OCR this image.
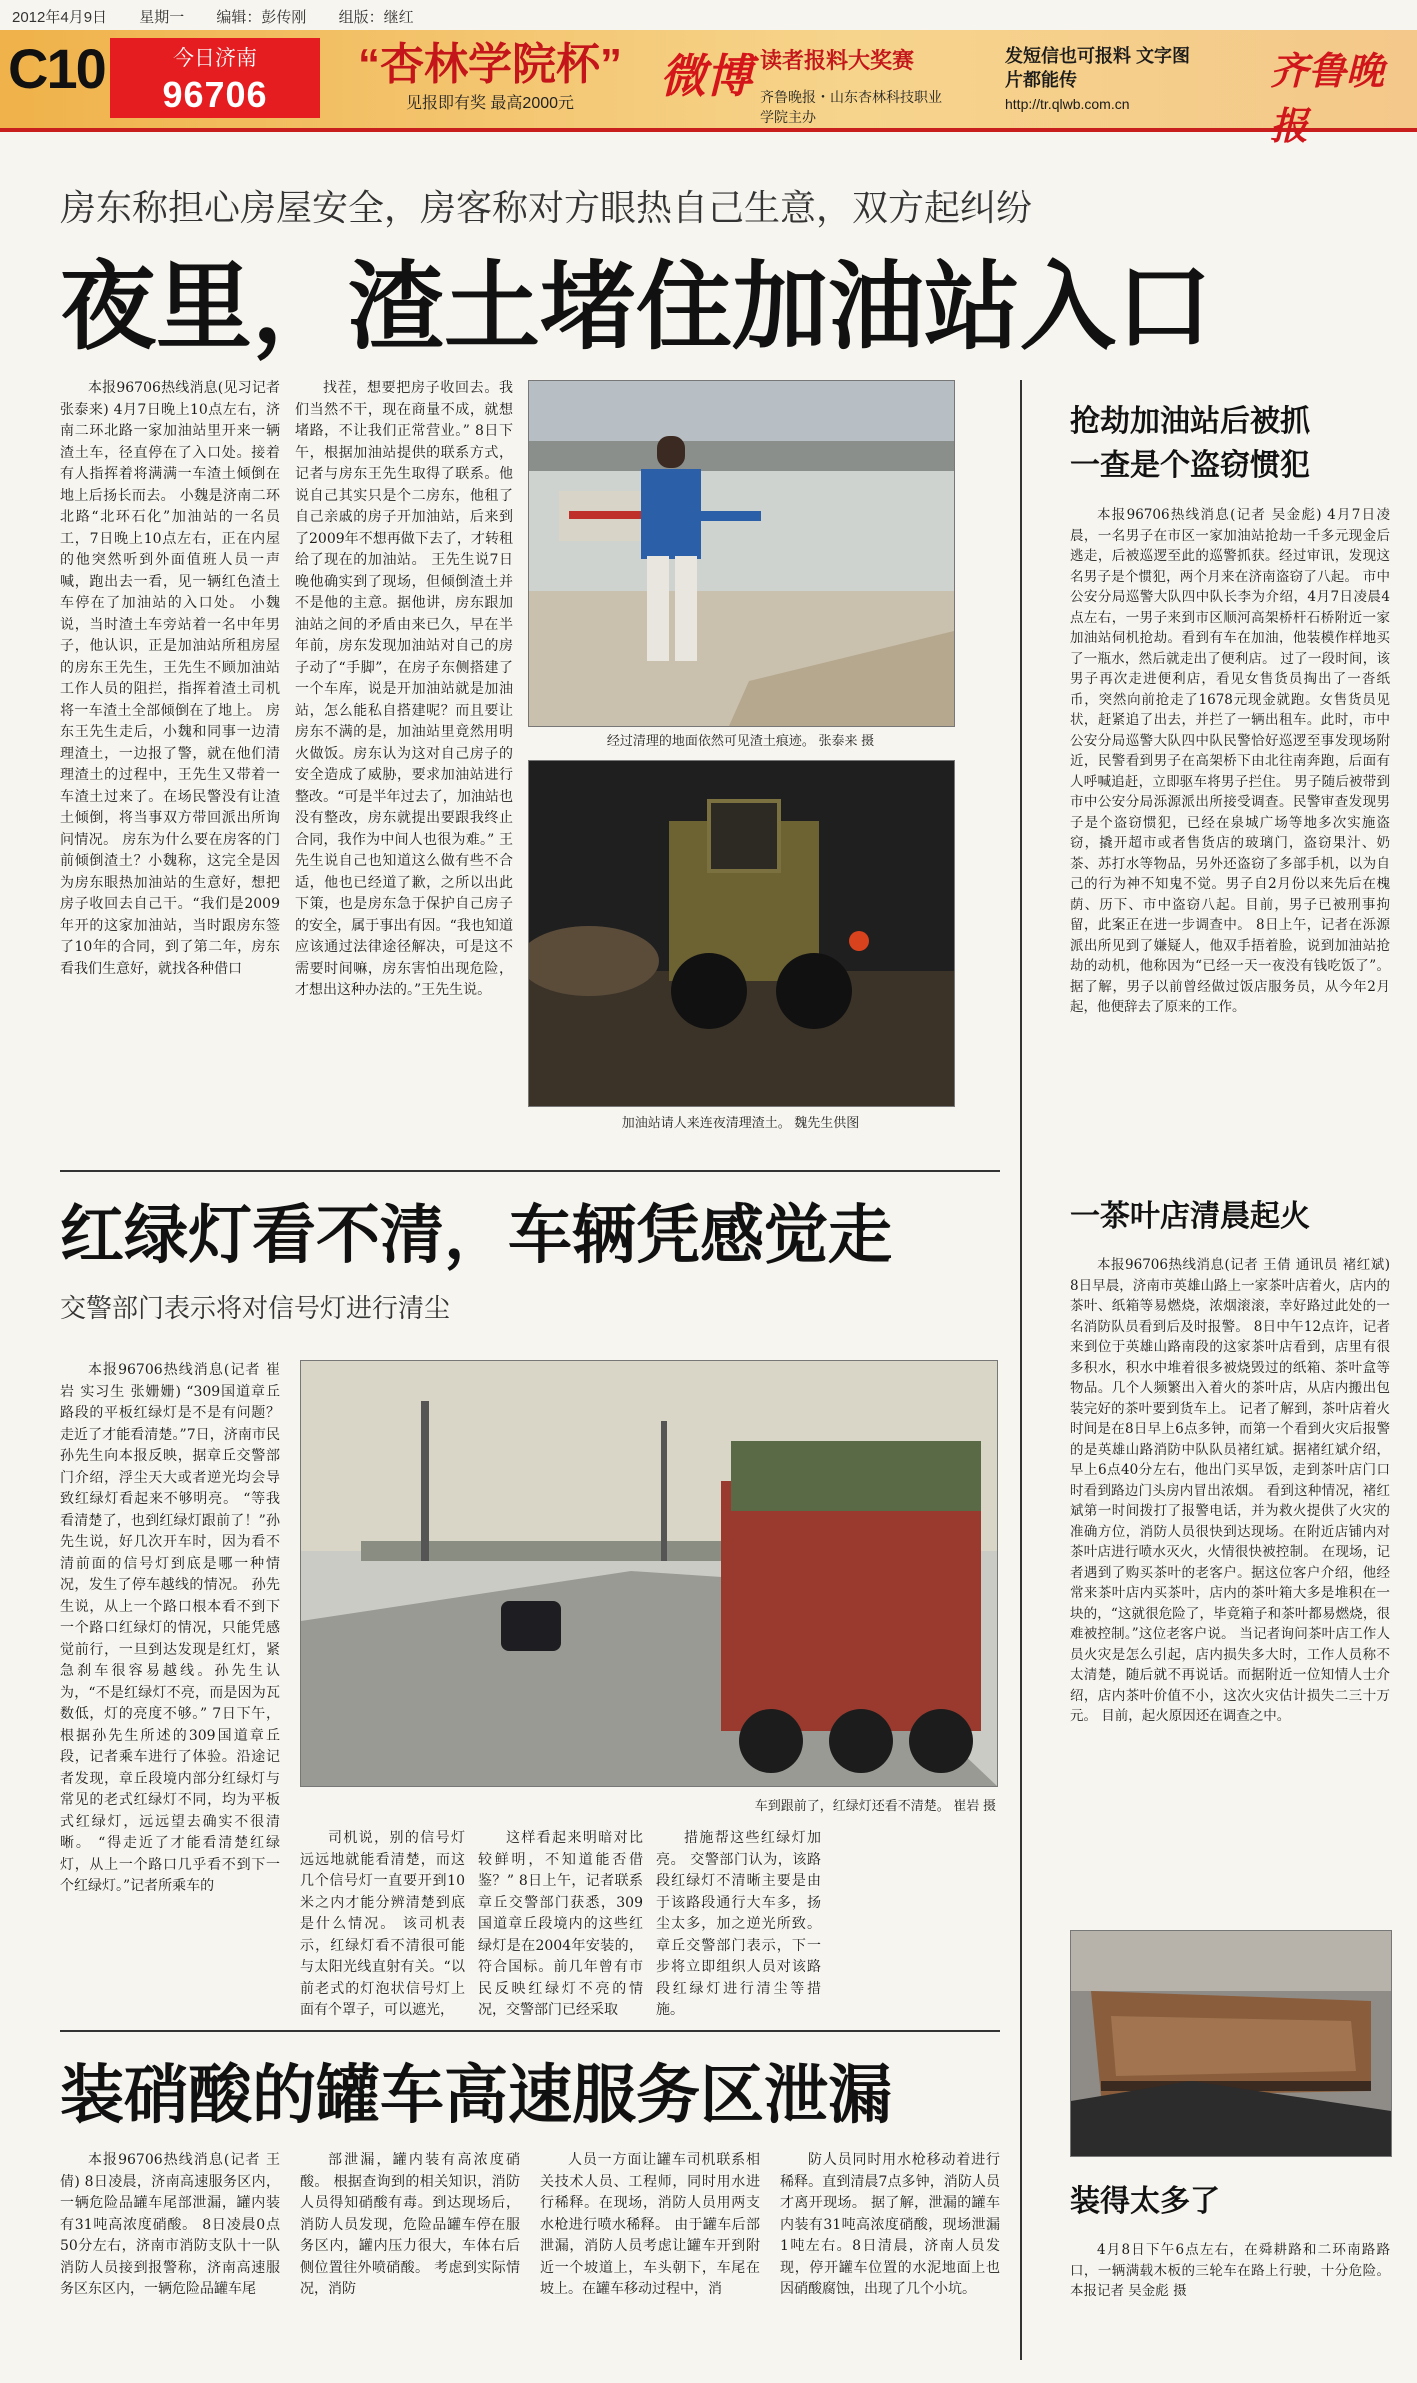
2012年4月9日 星期一 编辑：彭传刚 组版：继红
C10	今日济南
96706
“杏林学院杯”
见报即有奖 最高2000元
微博 读者报料大奖赛
齐鲁晚报・山东杏林科技职业学院主办
发短信也可报料 文字图片都能传
http://tr.qlwb.com.cn
齐鲁晚报
房东称担心房屋安全，房客称对方眼热自己生意，双方起纠纷
夜里，渣土堵住加油站入口
本报96706热线消息(见习记者 张泰来) 4月7日晚上10点左右，济南二环北路一家加油站里开来一辆渣土车，径直停在了入口处。接着有人指挥着将满满一车渣土倾倒在地上后扬长而去。 小魏是济南二环北路“北环石化”加油站的一名员工，7日晚上10点左右，正在内屋的他突然听到外面值班人员一声喊，跑出去一看，见一辆红色渣土车停在了加油站的入口处。 小魏说，当时渣土车旁站着一名中年男子，他认识，正是加油站所租房屋的房东王先生，王先生不顾加油站工作人员的阻拦，指挥着渣土司机将一车渣土全部倾倒在了地上。 房东王先生走后，小魏和同事一边清理渣土，一边报了警，就在他们清理渣土的过程中，王先生又带着一车渣土过来了。在场民警没有让渣土倾倒，将当事双方带回派出所询问情况。 房东为什么要在房客的门前倾倒渣土？小魏称，这完全是因为房东眼热加油站的生意好，想把房子收回去自己干。“我们是2009年开的这家加油站，当时跟房东签了10年的合同，到了第二年，房东看我们生意好，就找各种借口
找茬，想要把房子收回去。我们当然不干，现在商量不成，就想堵路，不让我们正常营业。” 8日下午，根据加油站提供的联系方式，记者与房东王先生取得了联系。他说自己其实只是个二房东，他租了自己亲戚的房子开加油站，后来到了2009年不想再做下去了，才转租给了现在的加油站。 王先生说7日晚他确实到了现场，但倾倒渣土并不是他的主意。据他讲，房东跟加油站之间的矛盾由来已久，早在半年前，房东发现加油站对自己的房子动了“手脚”，在房子东侧搭建了一个车库，说是开加油站就是加油站，怎么能私自搭建呢？而且要让房东不满的是，加油站里竟然用明火做饭。房东认为这对自己房子的安全造成了威胁，要求加油站进行整改。“可是半年过去了，加油站也没有整改，房东就提出要跟我终止合同，我作为中间人也很为难。” 王先生说自己也知道这么做有些不合适，他也已经道了歉，之所以出此下策，也是房东急于保护自己房子的安全，属于事出有因。“我也知道应该通过法律途径解决，可是这不需要时间嘛，房东害怕出现危险，才想出这种办法的。”王先生说。
经过清理的地面依然可见渣土痕迹。 张泰来 摄
加油站请人来连夜清理渣土。 魏先生供图
红绿灯看不清，车辆凭感觉走
交警部门表示将对信号灯进行清尘
本报96706热线消息(记者 崔岩 实习生 张姗姗) “309国道章丘路段的平板红绿灯是不是有问题？走近了才能看清楚。”7日，济南市民孙先生向本报反映，据章丘交警部门介绍，浮尘天大或者逆光均会导致红绿灯看起来不够明亮。 “等我看清楚了，也到红绿灯跟前了！”孙先生说，好几次开车时，因为看不清前面的信号灯到底是哪一种情况，发生了停车越线的情况。 孙先生说，从上一个路口根本看不到下一个路口红绿灯的情况，只能凭感觉前行，一旦到达发现是红灯，紧急刹车很容易越线。孙先生认为，“不是红绿灯不亮，而是因为瓦数低，灯的亮度不够。” 7日下午，根据孙先生所述的309国道章丘段，记者乘车进行了体验。沿途记者发现，章丘段境内部分红绿灯与常见的老式红绿灯不同，均为平板式红绿灯，远远望去确实不很清晰。 “得走近了才能看清楚红绿灯，从上一个路口几乎看不到下一个红绿灯。”记者所乘车的
车到跟前了，红绿灯还看不清楚。 崔岩 摄
司机说，别的信号灯远远地就能看清楚，而这几个信号灯一直要开到10米之内才能分辨清楚到底是什么情况。 该司机表示，红绿灯看不清很可能与太阳光线直射有关。“以前老式的灯泡状信号灯上面有个罩子，可以遮光，
这样看起来明暗对比较鲜明，不知道能否借鉴？” 8日上午，记者联系章丘交警部门获悉，309国道章丘段境内的这些红绿灯是在2004年安装的，符合国标。前几年曾有市民反映红绿灯不亮的情况，交警部门已经采取
措施帮这些红绿灯加亮。 交警部门认为，该路段红绿灯不清晰主要是由于该路段通行大车多，扬尘太多，加之逆光所致。章丘交警部门表示，下一步将立即组织人员对该路段红绿灯进行清尘等措施。
装硝酸的罐车高速服务区泄漏
本报96706热线消息(记者 王倩) 8日凌晨，济南高速服务区内，一辆危险品罐车尾部泄漏，罐内装有31吨高浓度硝酸。 8日凌晨0点50分左右，济南市消防支队十一队消防人员接到报警称，济南高速服务区东区内，一辆危险品罐车尾
部泄漏，罐内装有高浓度硝酸。 根据查询到的相关知识，消防人员得知硝酸有毒。到达现场后，消防人员发现，危险品罐车停在服务区内，罐内压力很大，车体右后侧位置往外喷硝酸。 考虑到实际情况，消防
人员一方面让罐车司机联系相关技术人员、工程师，同时用水进行稀释。在现场，消防人员用两支水枪进行喷水稀释。 由于罐车后部泄漏，消防人员考虑让罐车开到附近一个坡道上，车头朝下，车尾在坡上。在罐车移动过程中，消
防人员同时用水枪移动着进行稀释。直到清晨7点多钟，消防人员才离开现场。 据了解，泄漏的罐车内装有31吨高浓度硝酸，现场泄漏1吨左右。8日清晨，济南人员发现，停开罐车位置的水泥地面上也因硝酸腐蚀，出现了几个小坑。
抢劫加油站后被抓
一查是个盗窃惯犯
本报96706热线消息(记者 吴金彪) 4月7日凌晨，一名男子在市区一家加油站抢劫一千多元现金后逃走，后被巡逻至此的巡警抓获。经过审讯，发现这名男子是个惯犯，两个月来在济南盗窃了八起。 市中公安分局巡警大队四中队长李为介绍，4月7日凌晨4点左右，一男子来到市区顺河高架桥杆石桥附近一家加油站伺机抢劫。看到有车在加油，他装模作样地买了一瓶水，然后就走出了便利店。 过了一段时间，该男子再次走进便利店，看见女售货员掏出了一沓纸币，突然向前抢走了1678元现金就跑。女售货员见状，赶紧追了出去，并拦了一辆出租车。此时，市中公安分局巡警大队四中队民警恰好巡逻至事发现场附近，民警看到男子在高架桥下由北往南奔跑，后面有人呼喊追赶，立即驱车将男子拦住。 男子随后被带到市中公安分局泺源派出所接受调查。民警审查发现男子是个盗窃惯犯，已经在泉城广场等地多次实施盗窃，撬开超市或者售货店的玻璃门，盗窃果汁、奶茶、苏打水等物品，另外还盗窃了多部手机，以为自己的行为神不知鬼不觉。男子自2月份以来先后在槐荫、历下、市中盗窃八起。目前，男子已被刑事拘留，此案正在进一步调查中。 8日上午，记者在泺源派出所见到了嫌疑人，他双手捂着脸，说到加油站抢劫的动机，他称因为“已经一天一夜没有钱吃饭了”。据了解，男子以前曾经做过饭店服务员，从今年2月起，他便辞去了原来的工作。
一茶叶店清晨起火
本报96706热线消息(记者 王倩 通讯员 褚红斌) 8日早晨，济南市英雄山路上一家茶叶店着火，店内的茶叶、纸箱等易燃烧，浓烟滚滚，幸好路过此处的一名消防队员看到后及时报警。 8日中午12点许，记者来到位于英雄山路南段的这家茶叶店看到，店里有很多积水，积水中堆着很多被烧毁过的纸箱、茶叶盒等物品。几个人频繁出入着火的茶叶店，从店内搬出包装完好的茶叶要到货车上。 记者了解到，茶叶店着火时间是在8日早上6点多钟，而第一个看到火灾后报警的是英雄山路消防中队队员褚红斌。据褚红斌介绍，早上6点40分左右，他出门买早饭，走到茶叶店门口时看到路边门头房内冒出浓烟。 看到这种情况，褚红斌第一时间拨打了报警电话，并为救火提供了火灾的准确方位，消防人员很快到达现场。在附近店铺内对茶叶店进行喷水灭火，火情很快被控制。 在现场，记者遇到了购买茶叶的老客户。据这位客户介绍，他经常来茶叶店内买茶叶，店内的茶叶箱大多是堆积在一块的，“这就很危险了，毕竟箱子和茶叶都易燃烧，很难被控制。”这位老客户说。 当记者询问茶叶店工作人员火灾是怎么引起，店内损失多大时，工作人员称不太清楚，随后就不再说话。而据附近一位知情人士介绍，店内茶叶价值不小，这次火灾估计损失二三十万元。 目前，起火原因还在调查之中。
装得太多了
4月8日下午6点左右，在舜耕路和二环南路路口，一辆满载木板的三轮车在路上行驶，十分危险。本报记者 吴金彪 摄
